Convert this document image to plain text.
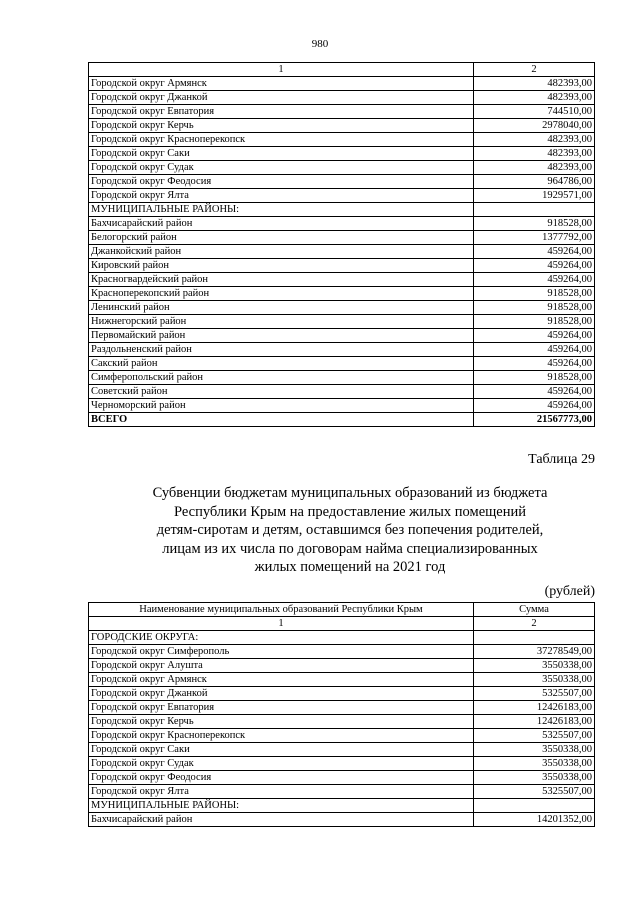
980
1	2
Городской округ Армянск	482393,00
Городской округ Джанкой	482393,00
Городской округ Евпатория	744510,00
Городской округ Керчь	2978040,00
Городской округ Красноперекопск	482393,00
Городской округ Саки	482393,00
Городской округ Судак	482393,00
Городской округ Феодосия	964786,00
Городской округ Ялта	1929571,00
МУНИЦИПАЛЬНЫЕ РАЙОНЫ:	
Бахчисарайский район	918528,00
Белогорский район	1377792,00
Джанкойский район	459264,00
Кировский район	459264,00
Красногвардейский район	459264,00
Красноперекопский район	918528,00
Ленинский район	918528,00
Нижнегорский район	918528,00
Первомайский район	459264,00
Раздольненский район	459264,00
Сакский район	459264,00
Симферопольский район	918528,00
Советский район	459264,00
Черноморский район	459264,00
ВСЕГО	21567773,00
Таблица 29
Субвенции бюджетам муниципальных образований из бюджета
Республики Крым на предоставление жилых помещений
детям-сиротам и детям, оставшимся без попечения родителей,
лицам из их числа по договорам найма специализированных
жилых помещений на 2021 год
(рублей)
Наименование муниципальных образований Республики Крым	Сумма
1	2
ГОРОДСКИЕ ОКРУГА:	
Городской округ Симферополь	37278549,00
Городской округ Алушта	3550338,00
Городской округ Армянск	3550338,00
Городской округ Джанкой	5325507,00
Городской округ Евпатория	12426183,00
Городской округ Керчь	12426183,00
Городской округ Красноперекопск	5325507,00
Городской округ Саки	3550338,00
Городской округ Судак	3550338,00
Городской округ Феодосия	3550338,00
Городской округ Ялта	5325507,00
МУНИЦИПАЛЬНЫЕ РАЙОНЫ:	
Бахчисарайский район	14201352,00
